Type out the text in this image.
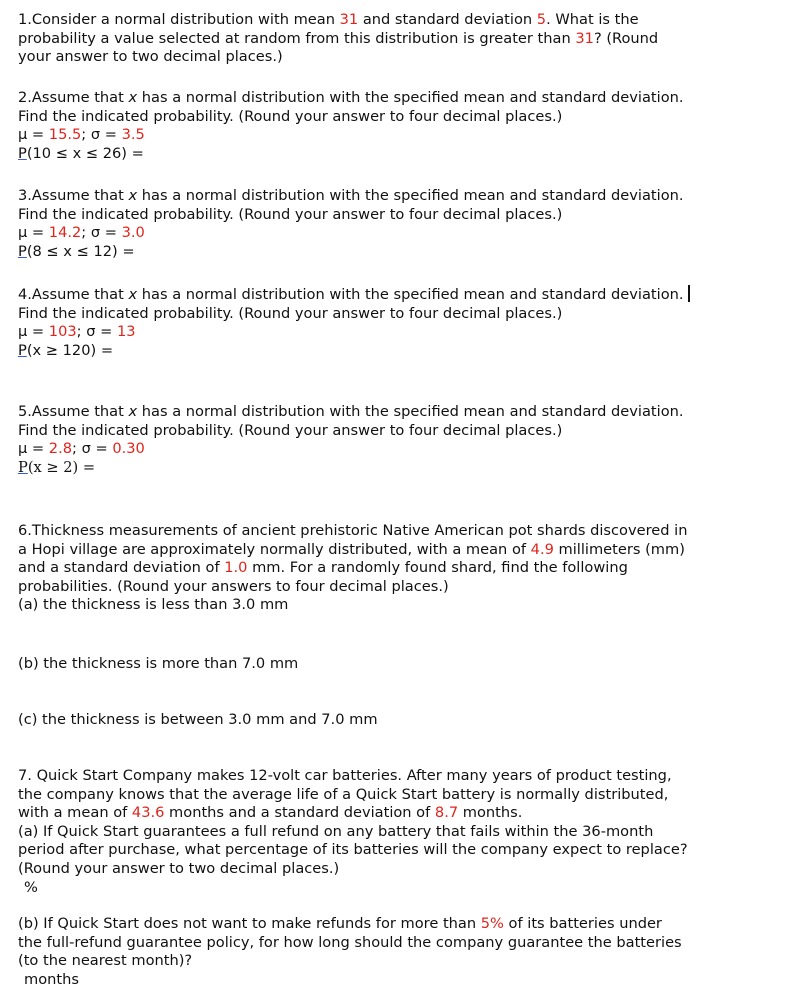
1.Consider a normal distribution with mean 31 and standard deviation 5. What is the
probability a value selected at random from this distribution is greater than 31? (Round
your answer to two decimal places.)
2.Assume that x has a normal distribution with the specified mean and standard deviation.
Find the indicated probability. (Round your answer to four decimal places.)
μ = 15.5; σ = 3.5
P(10 ≤ x ≤ 26) =
3.Assume that x has a normal distribution with the specified mean and standard deviation.
Find the indicated probability. (Round your answer to four decimal places.)
μ = 14.2; σ = 3.0
P(8 ≤ x ≤ 12) =
4.Assume that x has a normal distribution with the specified mean and standard deviation.
Find the indicated probability. (Round your answer to four decimal places.)
μ = 103; σ = 13
P(x ≥ 120) =
5.Assume that x has a normal distribution with the specified mean and standard deviation.
Find the indicated probability. (Round your answer to four decimal places.)
μ = 2.8; σ = 0.30
P(x ≥ 2) =
6.Thickness measurements of ancient prehistoric Native American pot shards discovered in
a Hopi village are approximately normally distributed, with a mean of 4.9 millimeters (mm)
and a standard deviation of 1.0 mm. For a randomly found shard, find the following
probabilities. (Round your answers to four decimal places.)
(a) the thickness is less than 3.0 mm
(b) the thickness is more than 7.0 mm
(c) the thickness is between 3.0 mm and 7.0 mm
7. Quick Start Company makes 12-volt car batteries. After many years of product testing,
the company knows that the average life of a Quick Start battery is normally distributed,
with a mean of 43.6 months and a standard deviation of 8.7 months.
(a) If Quick Start guarantees a full refund on any battery that fails within the 36-month
period after purchase, what percentage of its batteries will the company expect to replace?
(Round your answer to two decimal places.)
%
(b) If Quick Start does not want to make refunds for more than 5% of its batteries under
the full-refund guarantee policy, for how long should the company guarantee the batteries
(to the nearest month)?
months
